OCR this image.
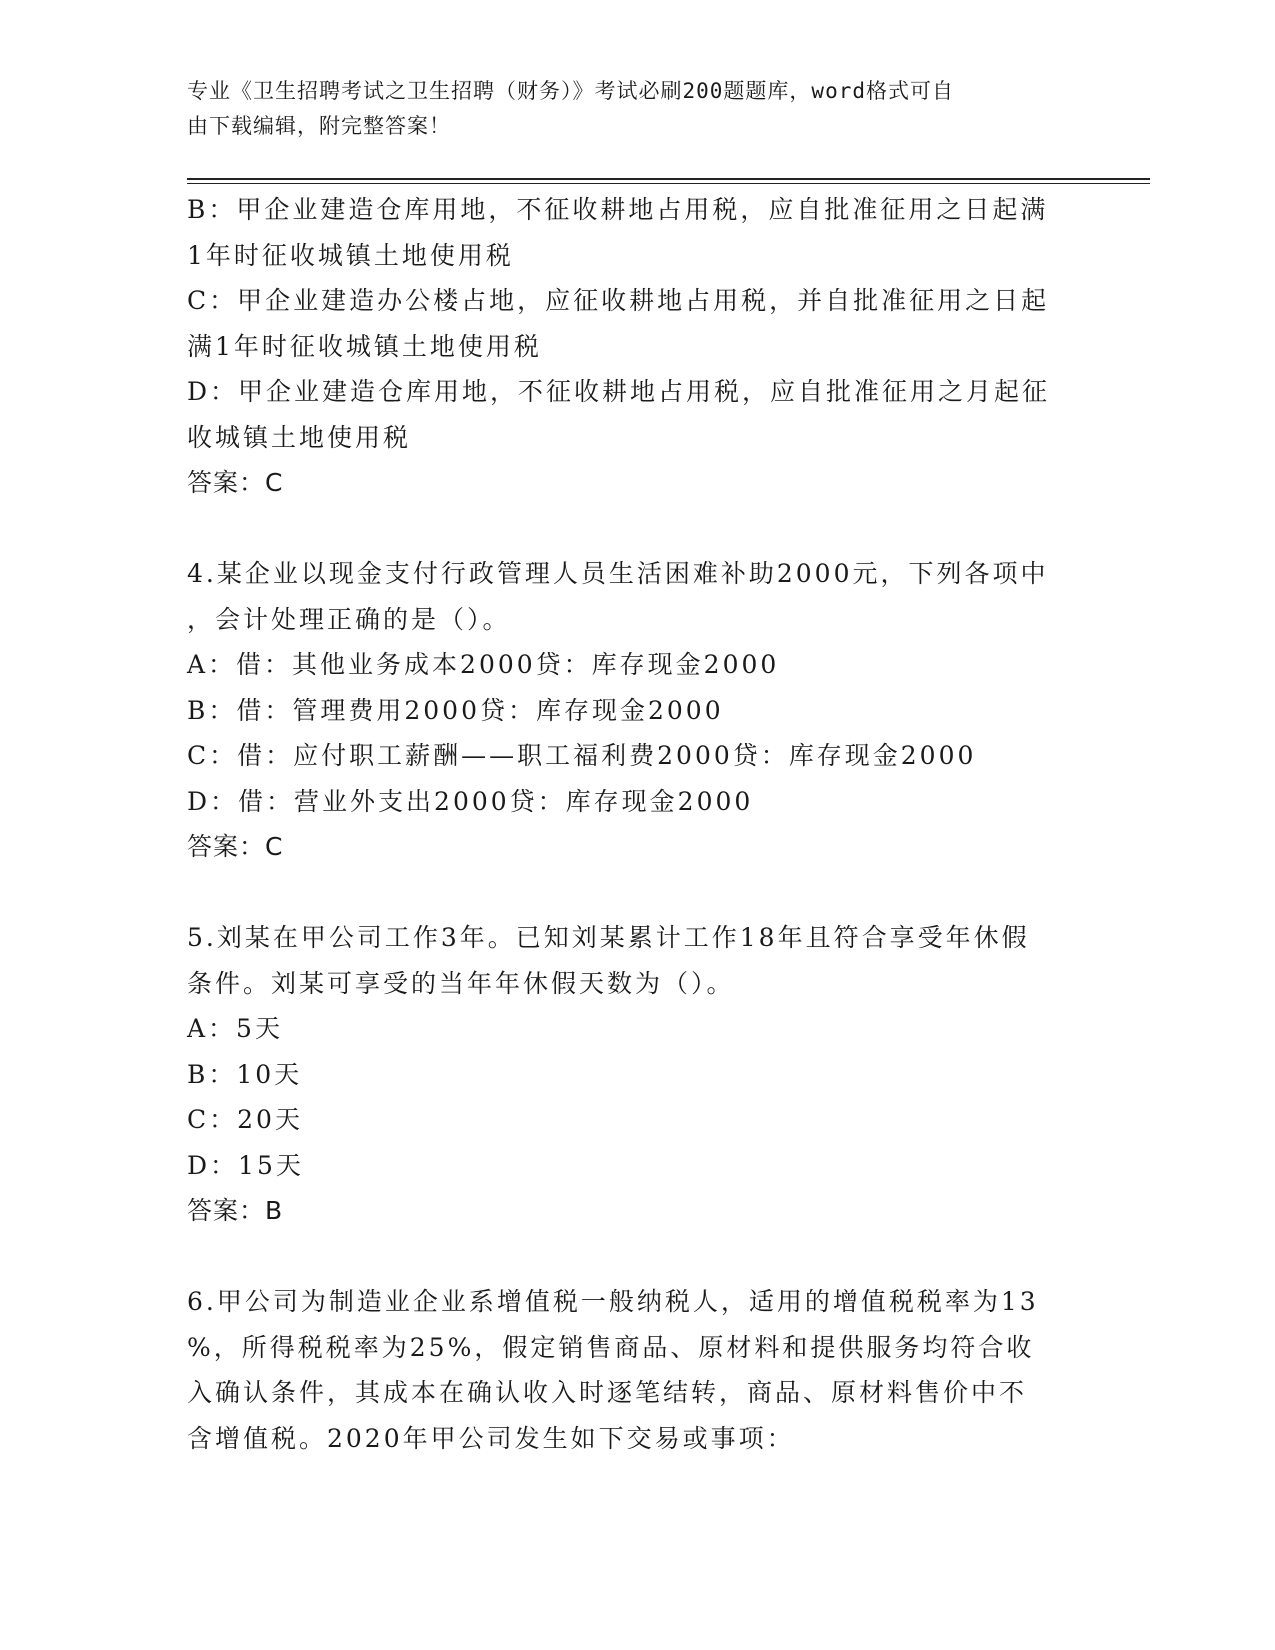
专业《卫生招聘考试之卫生招聘（财务）》考试必刷200题题库，word格式可自
由下载编辑，附完整答案！
B：甲企业建造仓库用地，不征收耕地占用税，应自批准征用之日起满
1年时征收城镇土地使用税
C：甲企业建造办公楼占地，应征收耕地占用税，并自批准征用之日起
满1年时征收城镇土地使用税
D：甲企业建造仓库用地，不征收耕地占用税，应自批准征用之月起征
收城镇土地使用税
答案：C
4.某企业以现金支付行政管理人员生活困难补助2000元，下列各项中
，会计处理正确的是（）。
A：借：其他业务成本2000贷：库存现金2000
B：借：管理费用2000贷：库存现金2000
C：借：应付职工薪酬——职工福利费2000贷：库存现金2000
D：借：营业外支出2000贷：库存现金2000
答案：C
5.刘某在甲公司工作3年。已知刘某累计工作18年且符合享受年休假
条件。刘某可享受的当年年休假天数为（）。
A：5天
B：10天
C：20天
D：15天
答案：B
6.甲公司为制造业企业系增值税一般纳税人，适用的增值税税率为13
%，所得税税率为25%，假定销售商品、原材料和提供服务均符合收
入确认条件，其成本在确认收入时逐笔结转，商品、原材料售价中不
含增值税。2020年甲公司发生如下交易或事项：
